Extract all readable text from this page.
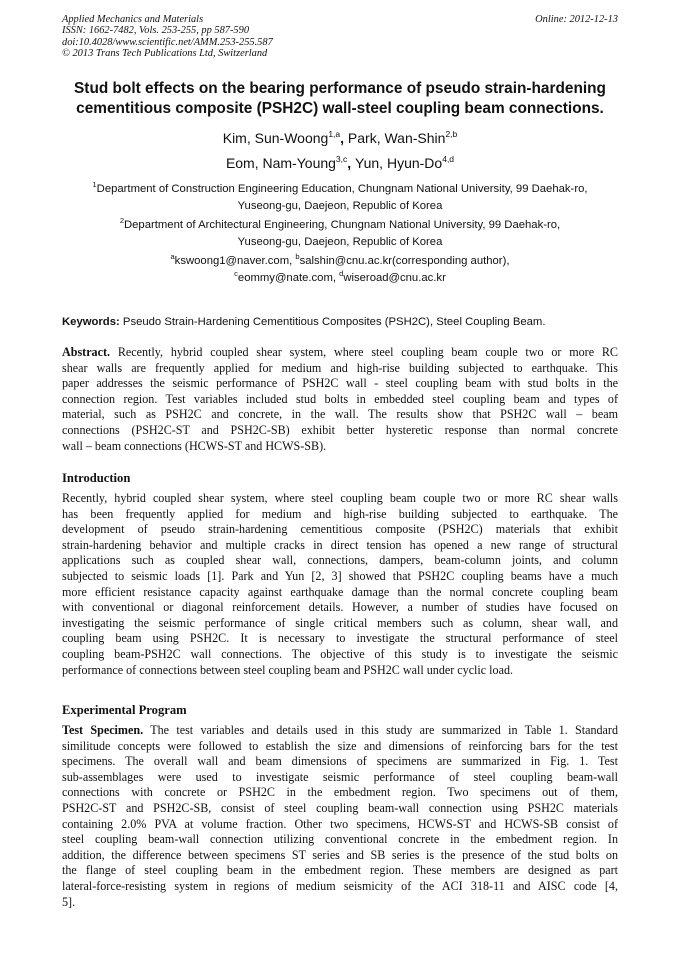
Applied Mechanics and Materials
ISSN: 1662-7482, Vols. 253-255, pp 587-590
doi:10.4028/www.scientific.net/AMM.253-255.587
© 2013 Trans Tech Publications Ltd, Switzerland
Online: 2012-12-13
Stud bolt effects on the bearing performance of pseudo strain-hardening
cementitious composite (PSH2C) wall-steel coupling beam connections.
Kim, Sun-Woong$^{1,a}$, Park, Wan-Shin$^{2,b}$
Eom, Nam-Young$^{3,c}$, Yun, Hyun-Do$^{4,d}$
$^1$Department of Construction Engineering Education, Chungnam National University, 99 Daehak-ro,
Yuseong-gu, Daejeon, Republic of Korea
$^2$Department of Architectural Engineering, Chungnam National University, 99 Daehak-ro,
Yuseong-gu, Daejeon, Republic of Korea
$^a$kswoong1@naver.com, $^b$salshin@cnu.ac.kr(corresponding author),
$^c$eommy@nate.com, $^d$wiseroad@cnu.ac.kr
Keywords: Pseudo Strain-Hardening Cementitious Composites (PSH2C), Steel Coupling Beam.
Abstract. Recently, hybrid coupled shear system, where steel coupling beam couple two or more RC
shear walls are frequently applied for medium and high-rise building subjected to earthquake. This
paper addresses the seismic performance of PSH2C wall - steel coupling beam with stud bolts in the
connection region. Test variables included stud bolts in embedded steel coupling beam and types of
material, such as PSH2C and concrete, in the wall. The results show that PSH2C wall – beam
connections (PSH2C-ST and PSH2C-SB) exhibit better hysteretic response than normal concrete
wall – beam connections (HCWS-ST and HCWS-SB).
Introduction
Recently, hybrid coupled shear system, where steel coupling beam couple two or more RC shear walls
has been frequently applied for medium and high-rise building subjected to earthquake. The
development of pseudo strain-hardening cementitious composite (PSH2C) materials that exhibit
strain-hardening behavior and multiple cracks in direct tension has opened a new range of structural
applications such as coupled shear wall, connections, dampers, beam-column joints, and column
subjected to seismic loads [1]. Park and Yun [2, 3] showed that PSH2C coupling beams have a much
more efficient resistance capacity against earthquake damage than the normal concrete coupling beam
with conventional or diagonal reinforcement details. However, a number of studies have focused on
investigating the seismic performance of single critical members such as column, shear wall, and
coupling beam using PSH2C. It is necessary to investigate the structural performance of steel
coupling beam-PSH2C wall connections. The objective of this study is to investigate the seismic
performance of connections between steel coupling beam and PSH2C wall under cyclic load.
Experimental Program
Test Specimen. The test variables and details used in this study are summarized in Table 1. Standard
similitude concepts were followed to establish the size and dimensions of reinforcing bars for the test
specimens. The overall wall and beam dimensions of specimens are summarized in Fig. 1. Test
sub-assemblages were used to investigate seismic performance of steel coupling beam-wall
connections with concrete or PSH2C in the embedment region. Two specimens out of them,
PSH2C-ST and PSH2C-SB, consist of steel coupling beam-wall connection using PSH2C materials
containing 2.0% PVA at volume fraction. Other two specimens, HCWS-ST and HCWS-SB consist of
steel coupling beam-wall connection utilizing conventional concrete in the embedment region. In
addition, the difference between specimens ST series and SB series is the presence of the stud bolts on
the flange of steel coupling beam in the embedment region. These members are designed as part
lateral-force-resisting system in regions of medium seismicity of the ACI 318-11 and AISC code [4,
5].
